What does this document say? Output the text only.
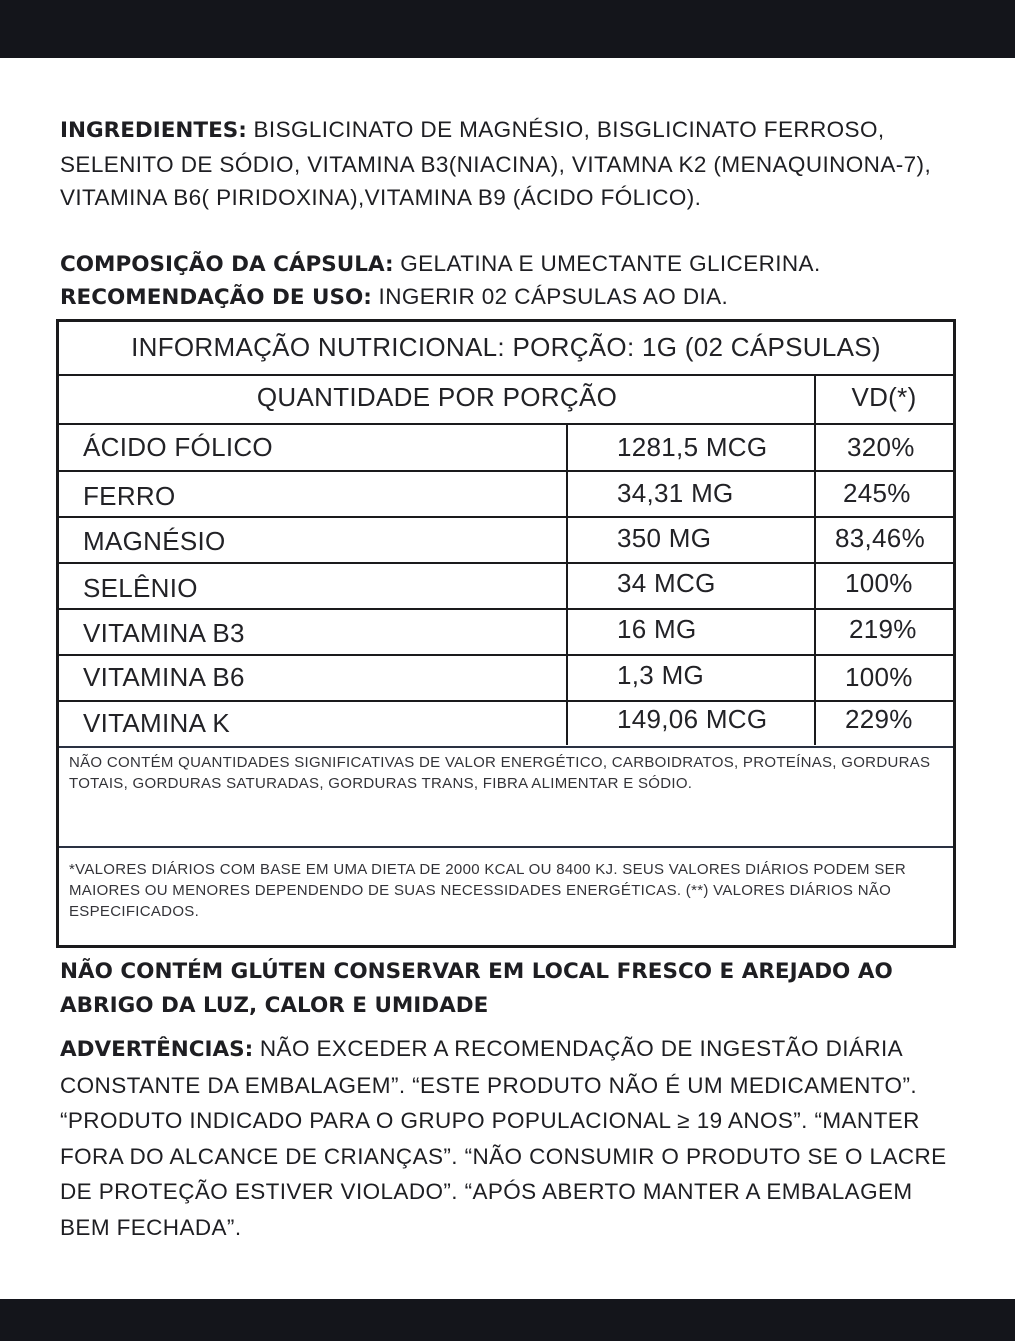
INGREDIENTES: BISGLICINATO DE MAGNÉSIO, BISGLICINATO FERROSO, SELENITO DE SÓDIO, VITAMINA B3(NIACINA), VITAMNA K2 (MENAQUINONA-7), VITAMINA B6( PIRIDOXINA),VITAMINA B9 (ÁCIDO FÓLICO).

COMPOSIÇÃO DA CÁPSULA: GELATINA E UMECTANTE GLICERINA.

RECOMENDAÇÃO DE USO: INGERIR 02 CÁPSULAS AO DIA.

INFORMAÇÃO NUTRICIONAL: PORÇÃO: 1G (02 CÁPSULAS)
QUANTIDADE POR PORÇÃO	VD(*)
ÁCIDO FÓLICO	1281,5 MCG	320%
FERRO	34,31 MG	245%
MAGNÉSIO	350 MG	83,46%
SELÊNIO	34 MCG	100%
VITAMINA B3	16 MG	219%
VITAMINA B6	1,3 MG	100%
VITAMINA K	149,06 MCG	229%

NÃO CONTÉM QUANTIDADES SIGNIFICATIVAS DE VALOR ENERGÉTICO, CARBOIDRATOS, PROTEÍNAS, GORDURAS TOTAIS, GORDURAS SATURADAS, GORDURAS TRANS, FIBRA ALIMENTAR E SÓDIO.

*VALORES DIÁRIOS COM BASE EM UMA DIETA DE 2000 KCAL OU 8400 KJ. SEUS VALORES DIÁRIOS PODEM SER MAIORES OU MENORES DEPENDENDO DE SUAS NECESSIDADES ENERGÉTICAS. (**) VALORES DIÁRIOS NÃO ESPECIFICADOS.

NÃO CONTÉM GLÚTEN CONSERVAR EM LOCAL FRESCO E AREJADO AO ABRIGO DA LUZ, CALOR E UMIDADE

ADVERTÊNCIAS: NÃO EXCEDER A RECOMENDAÇÃO DE INGESTÃO DIÁRIA CONSTANTE DA EMBALAGEM”. “ESTE PRODUTO NÃO É UM MEDICAMENTO”. “PRODUTO INDICADO PARA O GRUPO POPULACIONAL ≥ 19 ANOS”. “MANTER FORA DO ALCANCE DE CRIANÇAS”. “NÃO CONSUMIR O PRODUTO SE O LACRE DE PROTEÇÃO ESTIVER VIOLADO”. “APÓS ABERTO MANTER A EMBALAGEM BEM FECHADA”.
